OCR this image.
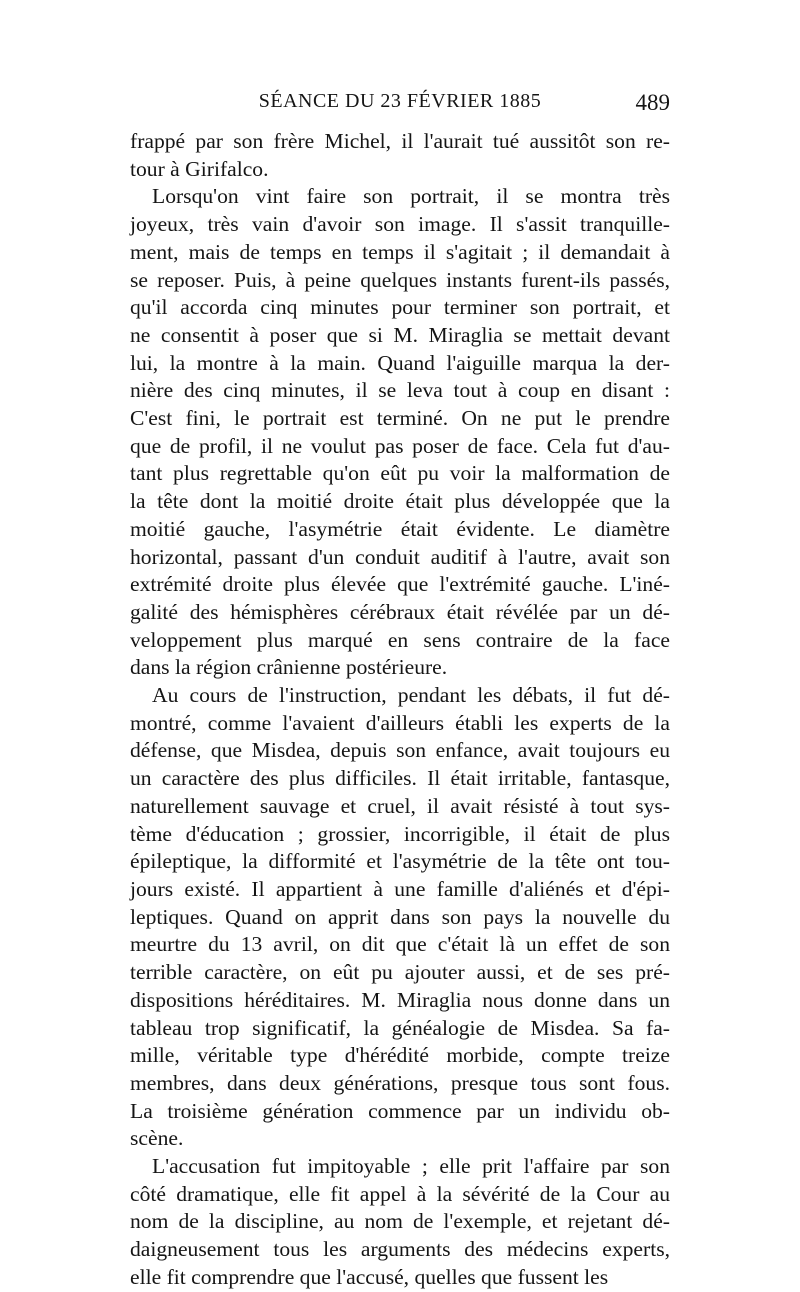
SÉANCE DU 23 FÉVRIER 1885	489
frappé par son frère Michel, il l'aurait tué aussitôt son re-
tour à Girifalco.
Lorsqu'on vint faire son portrait, il se montra très
joyeux, très vain d'avoir son image. Il s'assit tranquille-
ment, mais de temps en temps il s'agitait ; il demandait à
se reposer. Puis, à peine quelques instants furent-ils passés,
qu'il accorda cinq minutes pour terminer son portrait, et
ne consentit à poser que si M. Miraglia se mettait devant
lui, la montre à la main. Quand l'aiguille marqua la der-
nière des cinq minutes, il se leva tout à coup en disant :
C'est fini, le portrait est terminé. On ne put le prendre
que de profil, il ne voulut pas poser de face. Cela fut d'au-
tant plus regrettable qu'on eût pu voir la malformation de
la tête dont la moitié droite était plus développée que la
moitié gauche, l'asymétrie était évidente. Le diamètre
horizontal, passant d'un conduit auditif à l'autre, avait son
extrémité droite plus élevée que l'extrémité gauche. L'iné-
galité des hémisphères cérébraux était révélée par un dé-
veloppement plus marqué en sens contraire de la face
dans la région crânienne postérieure.
Au cours de l'instruction, pendant les débats, il fut dé-
montré, comme l'avaient d'ailleurs établi les experts de la
défense, que Misdea, depuis son enfance, avait toujours eu
un caractère des plus difficiles. Il était irritable, fantasque,
naturellement sauvage et cruel, il avait résisté à tout sys-
tème d'éducation ; grossier, incorrigible, il était de plus
épileptique, la difformité et l'asymétrie de la tête ont tou-
jours existé. Il appartient à une famille d'aliénés et d'épi-
leptiques. Quand on apprit dans son pays la nouvelle du
meurtre du 13 avril, on dit que c'était là un effet de son
terrible caractère, on eût pu ajouter aussi, et de ses pré-
dispositions héréditaires. M. Miraglia nous donne dans un
tableau trop significatif, la généalogie de Misdea. Sa fa-
mille, véritable type d'hérédité morbide, compte treize
membres, dans deux générations, presque tous sont fous.
La troisième génération commence par un individu ob-
scène.
L'accusation fut impitoyable ; elle prit l'affaire par son
côté dramatique, elle fit appel à la sévérité de la Cour au
nom de la discipline, au nom de l'exemple, et rejetant dé-
daigneusement tous les arguments des médecins experts,
elle fit comprendre que l'accusé, quelles que fussent les
